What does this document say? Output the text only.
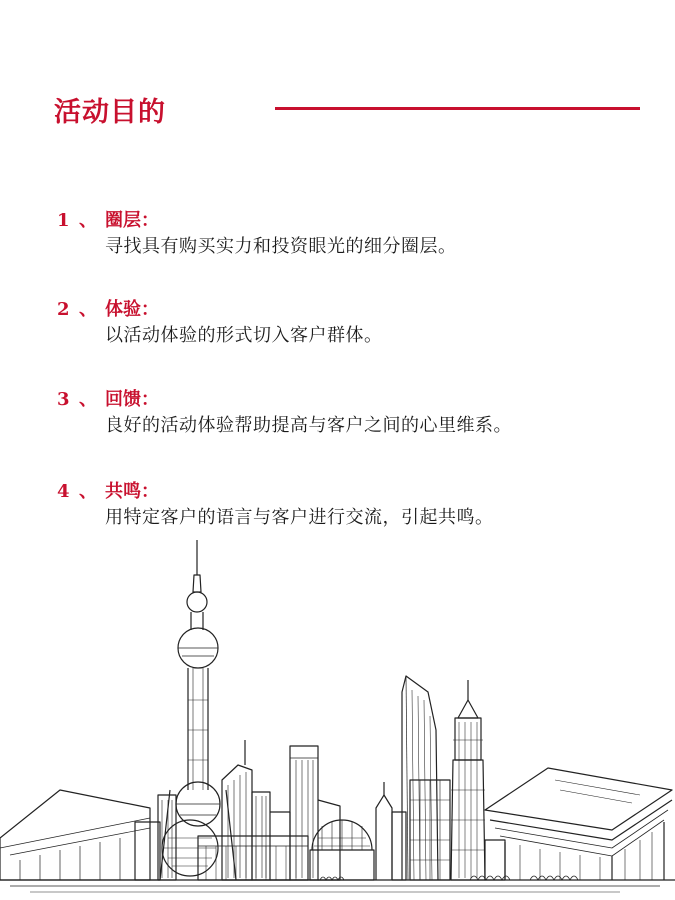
活动目的
1 、 圈层：
寻找具有购买实力和投资眼光的细分圈层。
2 、 体验：
以活动体验的形式切入客户群体。
3 、 回馈：
良好的活动体验帮助提高与客户之间的心里维系。
4 、 共鸣：
用特定客户的语言与客户进行交流，引起共鸣。
